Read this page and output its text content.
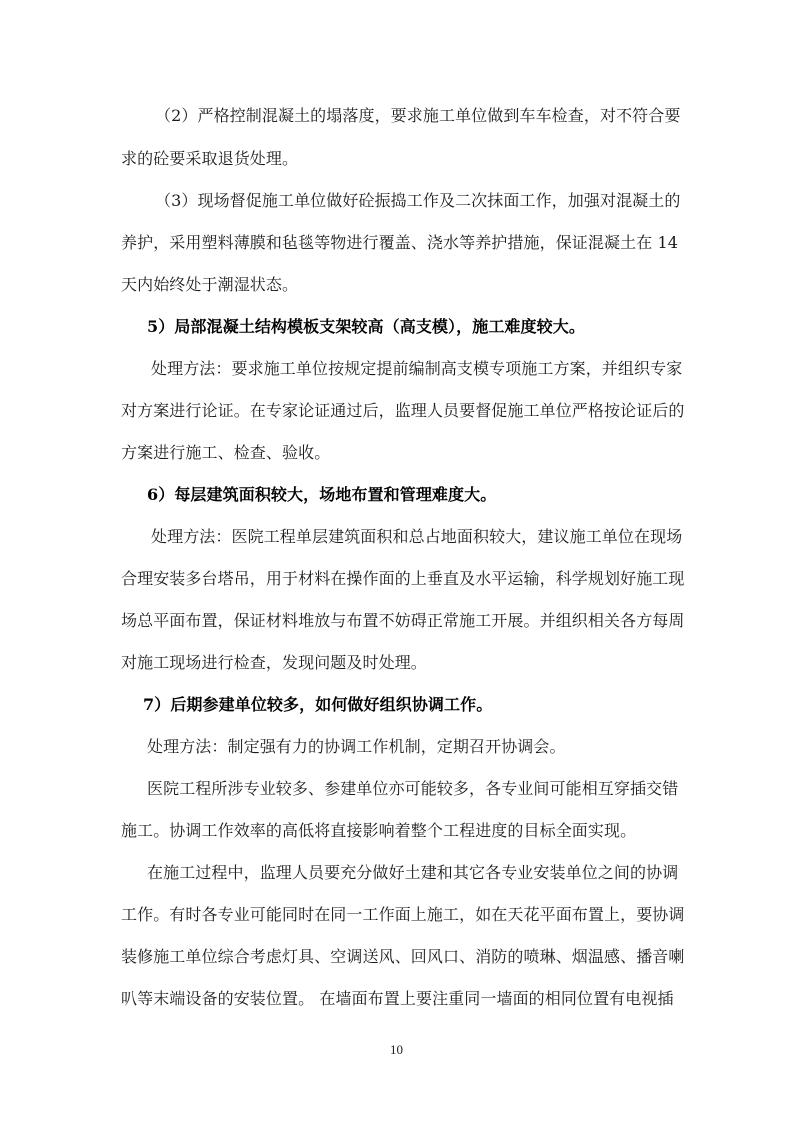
（2）严格控制混凝土的塌落度，要求施工单位做到车车检查，对不符合要
求的砼要采取退货处理。
（3）现场督促施工单位做好砼振捣工作及二次抹面工作，加强对混凝土的
养护，采用塑料薄膜和毡毯等物进行覆盖、浇水等养护措施，保证混凝土在 14
天内始终处于潮湿状态。
5）局部混凝土结构模板支架较高（高支模），施工难度较大。
处理方法：要求施工单位按规定提前编制高支模专项施工方案，并组织专家
对方案进行论证。在专家论证通过后，监理人员要督促施工单位严格按论证后的
方案进行施工、检查、验收。
6）每层建筑面积较大，场地布置和管理难度大。
处理方法：医院工程单层建筑面积和总占地面积较大，建议施工单位在现场
合理安装多台塔吊，用于材料在操作面的上垂直及水平运输，科学规划好施工现
场总平面布置，保证材料堆放与布置不妨碍正常施工开展。并组织相关各方每周
对施工现场进行检查，发现问题及时处理。
7）后期参建单位较多，如何做好组织协调工作。
处理方法：制定强有力的协调工作机制，定期召开协调会。
医院工程所涉专业较多、参建单位亦可能较多，各专业间可能相互穿插交错
施工。协调工作效率的高低将直接影响着整个工程进度的目标全面实现。
在施工过程中，监理人员要充分做好土建和其它各专业安装单位之间的协调
工作。有时各专业可能同时在同一工作面上施工，如在天花平面布置上，要协调
装修施工单位综合考虑灯具、空调送风、回风口、消防的喷琳、烟温感、播音喇
叭等末端设备的安装位置。 在墙面布置上要注重同一墙面的相同位置有电视插
10
